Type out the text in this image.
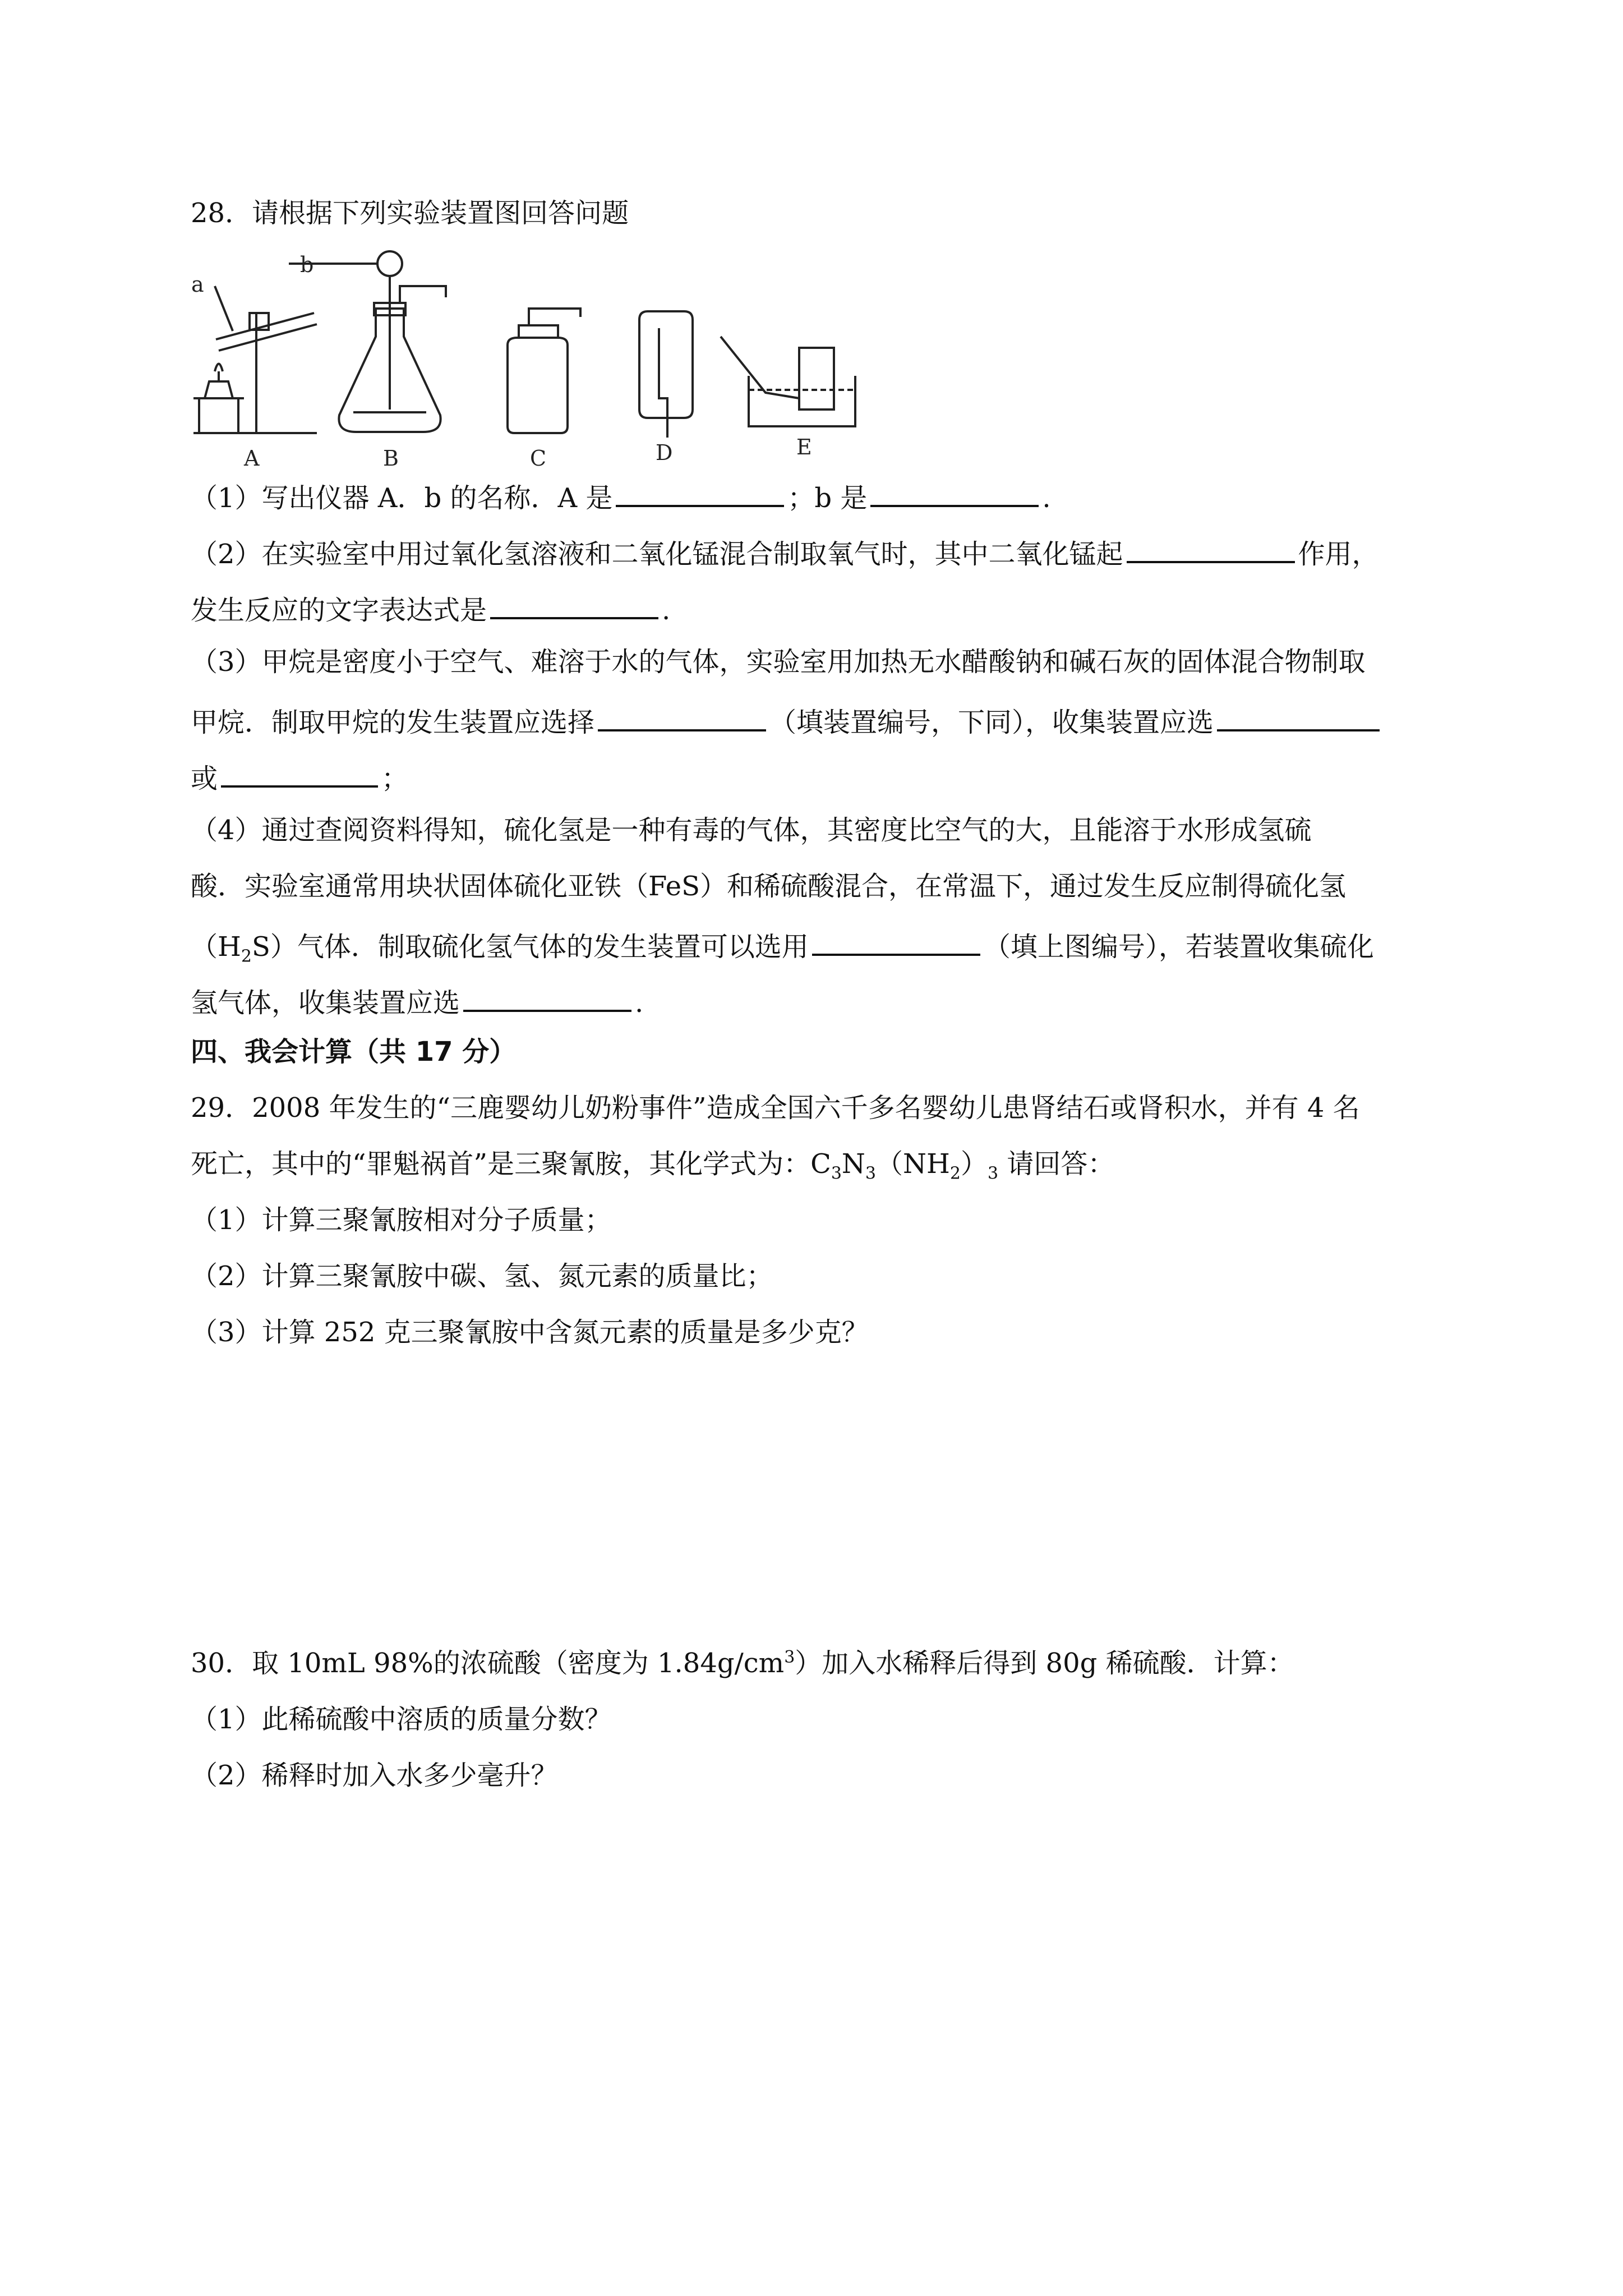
28．请根据下列实验装置图回答问题
a
A
b
B	C	D	E
（1）写出仪器 A．b 的名称．A 是	；b 是	.
（2）在实验室中用过氧化氢溶液和二氧化锰混合制取氧气时，其中二氧化锰起	作用，
发生反应的文字表达式是	.
（3）甲烷是密度小于空气、难溶于水的气体，实验室用加热无水醋酸钠和碱石灰的固体混合物制取
甲烷．制取甲烷的发生装置应选择	（填装置编号，下同），收集装置应选
或	；
（4）通过查阅资料得知，硫化氢是一种有毒的气体，其密度比空气的大，且能溶于水形成氢硫
酸．实验室通常用块状固体硫化亚铁（FeS）和稀硫酸混合，在常温下，通过发生反应制得硫化氢
$(H_2S)$气体．制取硫化氢气体的发生装置可以选用	（填上图编号），若装置收集硫化
氢气体，收集装置应选	.
四、我会计算（共 17 分）
29．2008 年发生的“三鹿婴幼儿奶粉事件”造成全国六千多名婴幼儿患肾结石或肾积水，并有 4 名
死亡，其中的“罪魁祸首”是三聚氰胺，其化学式为：$C_3N_3(NH_2)_3$ 请回答：
（1）计算三聚氰胺相对分子质量；
（2）计算三聚氰胺中碳、氢、氮元素的质量比；
（3）计算 252 克三聚氰胺中含氮元素的质量是多少克？
30．取 10mL 98%的浓硫酸（密度为 $1.84g/cm^3$）加入水稀释后得到 80g 稀硫酸．计算：
（1）此稀硫酸中溶质的质量分数？
（2）稀释时加入水多少毫升？
